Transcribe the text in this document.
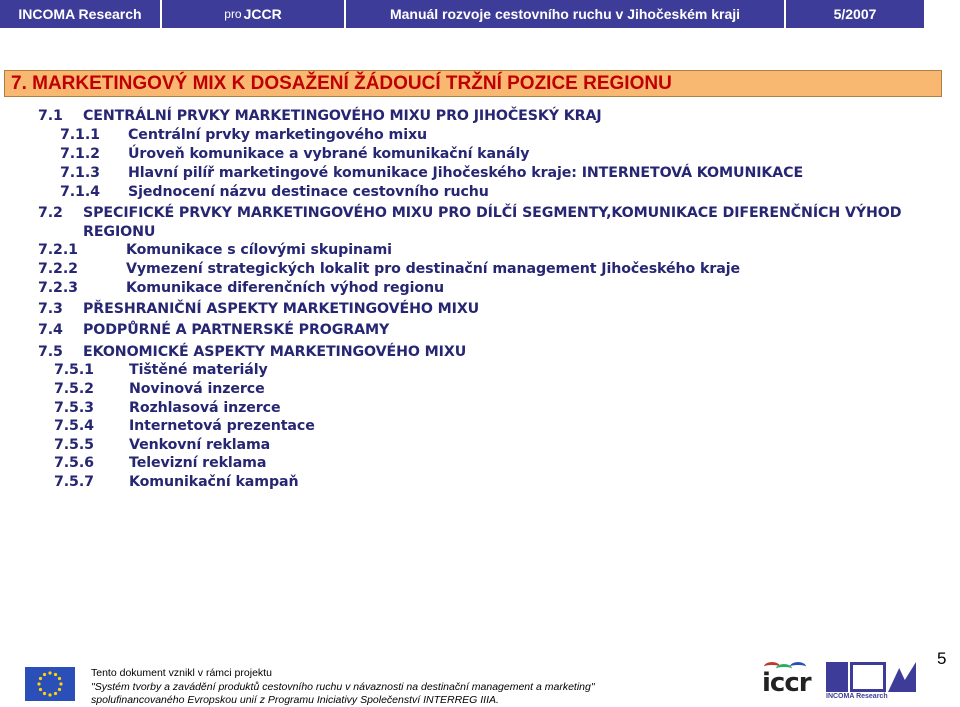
INCOMA Research	pro JCCR	Manuál rozvoje cestovního ruchu v Jihočeském kraji	5/2007
7. MARKETINGOVÝ MIX K DOSAŽENÍ ŽÁDOUCÍ TRŽNÍ POZICE REGIONU
7.1 CENTRÁLNÍ PRVKY MARKETINGOVÉHO MIXU PRO JIHOČESKÝ KRAJ
7.1.1 Centrální prvky marketingového mixu
7.1.2 Úroveň komunikace a vybrané komunikační kanály
7.1.3 Hlavní pilíř marketingové komunikace Jihočeského kraje: INTERNETOVÁ KOMUNIKACE
7.1.4 Sjednocení názvu destinace cestovního ruchu
7.2 SPECIFICKÉ PRVKY MARKETINGOVÉHO MIXU PRO DÍLČÍ SEGMENTY,KOMUNIKACE DIFERENČNÍCH VÝHOD
REGIONU
7.2.1	Komunikace s cílovými skupinami
7.2.2	Vymezení strategických lokalit pro destinační management Jihočeského kraje
7.2.3	Komunikace diferenčních výhod regionu
7.3 PŘESHRANIČNÍ ASPEKTY MARKETINGOVÉHO MIXU
7.4 PODPŮRNÉ A PARTNERSKÉ PROGRAMY
7.5 EKONOMICKÉ ASPEKTY MARKETINGOVÉHO MIXU
7.5.1 Tištěné materiály
7.5.2 Novinová inzerce
7.5.3 Rozhlasová inzerce
7.5.4 Internetová prezentace
7.5.5 Venkovní reklama
7.5.6 Televizní reklama
7.5.7 Komunikační kampaň
Tento dokument vznikl v rámci projektu
"Systém tvorby a zavádění produktů cestovního ruchu v návaznosti na destinační management a marketing"
spolufinancovaného Evropskou unií z Programu Iniciativy Společenství INTERREG IIIA.
iccr INCOMA Research
5
